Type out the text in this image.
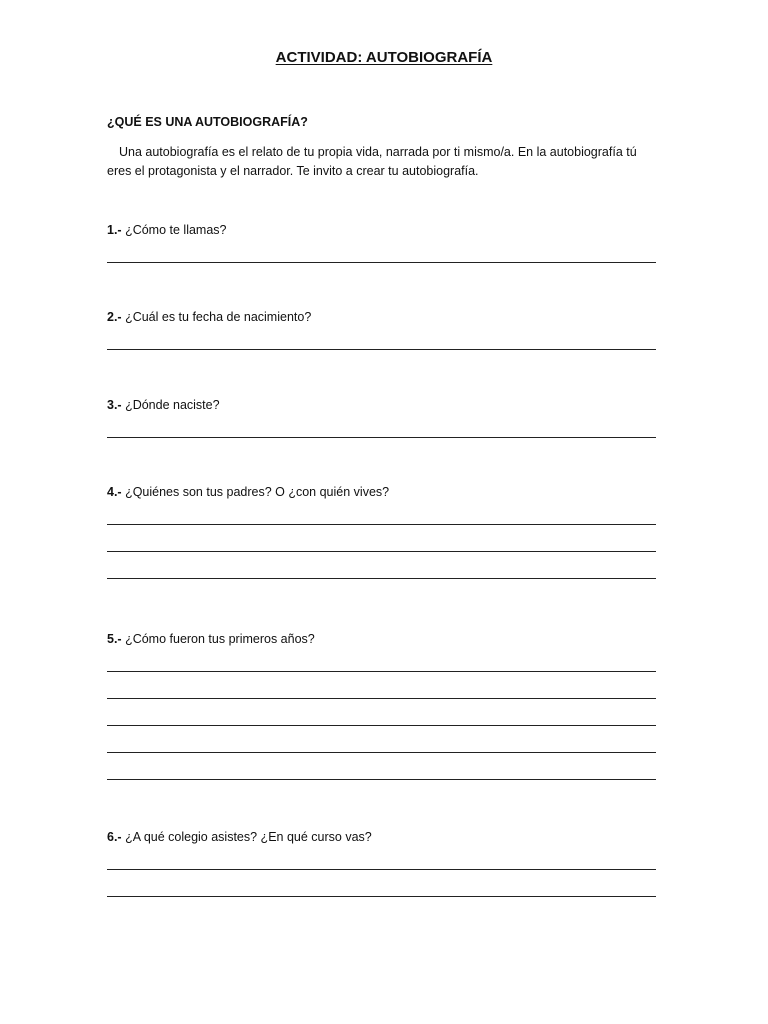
ACTIVIDAD: AUTOBIOGRAFÍA
¿QUÉ ES UNA AUTOBIOGRAFÍA?

Una autobiografía es el relato de tu propia vida, narrada por ti mismo/a. En la autobiografía tú eres el protagonista y el narrador. Te invito a crear tu autobiografía.

1.- ¿Cómo te llamas?

2.- ¿Cuál es tu fecha de nacimiento?

3.- ¿Dónde naciste?

4.- ¿Quiénes son tus padres? O ¿con quién vives?

5.- ¿Cómo fueron tus primeros años?

6.- ¿A qué colegio asistes? ¿En qué curso vas?
